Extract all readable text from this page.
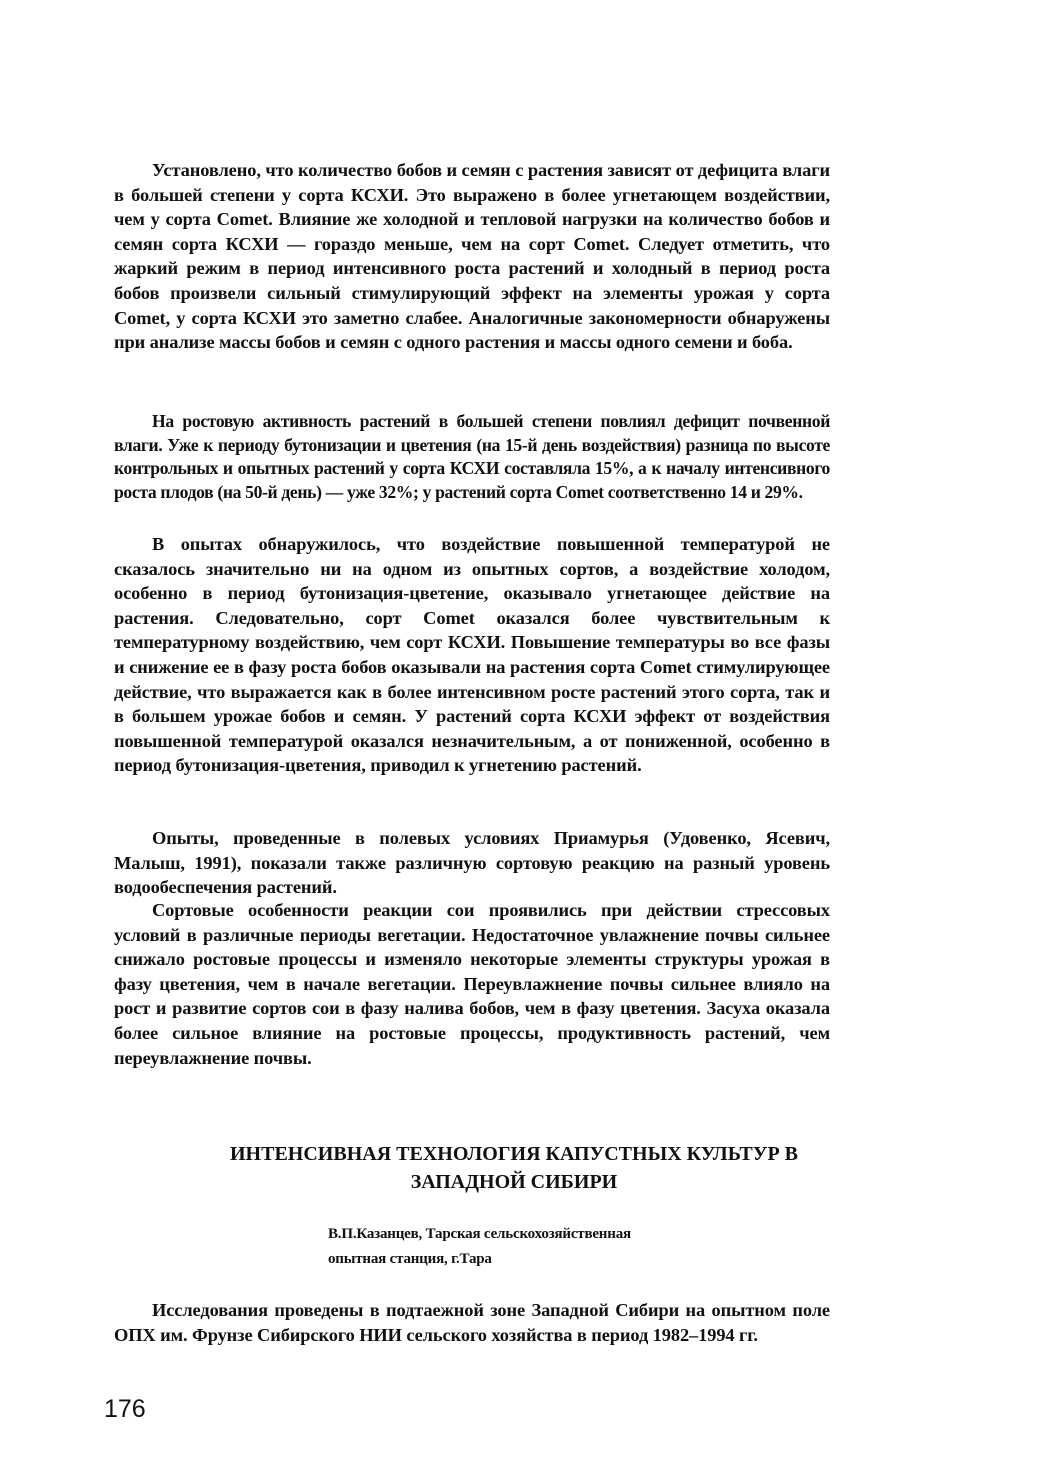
Установлено, что количество бобов и семян с растения зависят от дефицита влаги в большей степени у сорта КСХИ. Это выражено в более угнетающем воздействии, чем у сорта Comet. Влияние же холодной и тепловой нагрузки на количество бобов и семян сорта КСХИ — гораздо меньше, чем на сорт Comet. Следует отметить, что жаркий режим в период интенсивного роста растений и холодный в период роста бобов произвели сильный стимулирующий эффект на элементы урожая у сорта Comet, у сорта КСХИ это заметно слабее. Аналогичные закономерности обнаружены при анализе массы бобов и семян с одного растения и массы одного семени и боба.

На ростовую активность растений в большей степени повлиял дефицит почвенной влаги. Уже к периоду бутонизации и цветения (на 15-й день воздействия) разница по высоте контрольных и опытных растений у сорта КСХИ составляла 15%, а к началу интенсивного роста плодов (на 50-й день) — уже 32%; у растений сорта Comet соответственно 14 и 29%.

В опытах обнаружилось, что воздействие повышенной температурой не сказалось значительно ни на одном из опытных сортов, а воздействие холодом, особенно в период бутонизация-цветение, оказывало угнетающее действие на растения. Следовательно, сорт Comet оказался более чувствительным к температурному воздействию, чем сорт КСХИ. Повышение температуры во все фазы и снижение ее в фазу роста бобов оказывали на растения сорта Comet стимулирующее действие, что выражается как в более интенсивном росте растений этого сорта, так и в большем урожае бобов и семян. У растений сорта КСХИ эффект от воздействия повышенной температурой оказался незначительным, а от пониженной, особенно в период бутонизация-цветения, приводил к угнетению растений.

Опыты, проведенные в полевых условиях Приамурья (Удовенко, Ясевич, Малыш, 1991), показали также различную сортовую реакцию на разный уровень водообеспечения растений.

Сортовые особенности реакции сои проявились при действии стрессовых условий в различные периоды вегетации. Недостаточное увлажнение почвы сильнее снижало ростовые процессы и изменяло некоторые элементы структуры урожая в фазу цветения, чем в начале вегетации. Переувлажнение почвы сильнее влияло на рост и развитие сортов сои в фазу налива бобов, чем в фазу цветения. Засуха оказала более сильное влияние на ростовые процессы, продуктивность растений, чем переувлажнение почвы.

ИНТЕНСИВНАЯ ТЕХНОЛОГИЯ КАПУСТНЫХ КУЛЬТУР В
ЗАПАДНОЙ СИБИРИ
В.П.Казанцев, Тарская сельскохозяйственная
опытная станция, г.Тара

Исследования проведены в подтаежной зоне Западной Сибири на опытном поле ОПХ им. Фрунзе Сибирского НИИ сельского хозяйства в период 1982–1994 гг.

176
